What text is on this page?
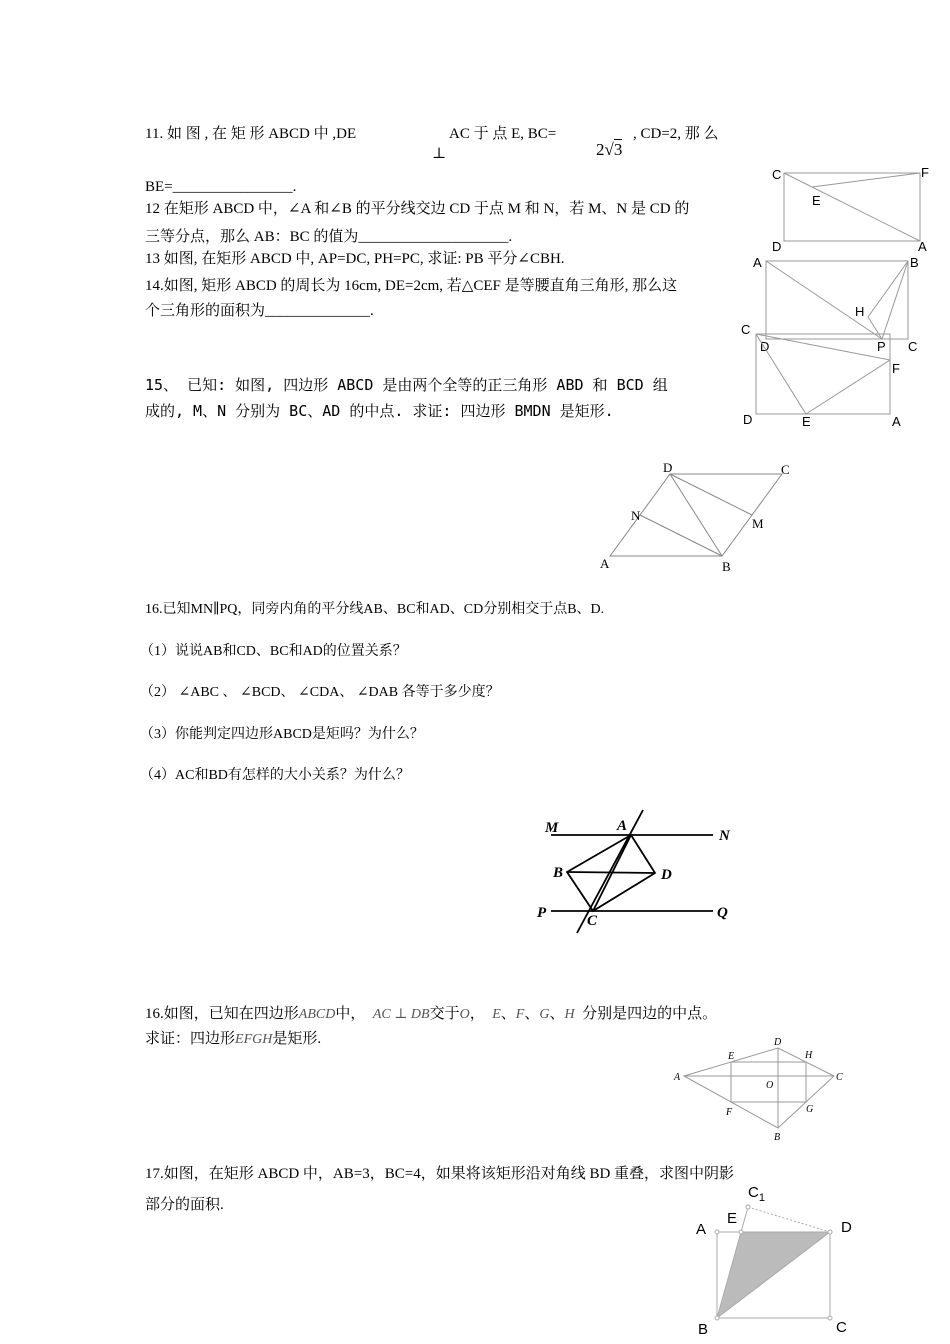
11. 如 图 , 在 矩 形 ABCD 中 ,DE
⊥
AC 于 点 E, BC=
2√3
, CD=2, 那 么
BE=________________.
C	F
E
D	A
12 在矩形 ABCD 中，∠A 和∠B 的平分线交边 CD 于点 M 和 N，若 M、N 是 CD 的
三等分点，那么 AB：BC 的值为____________________.
13 如图, 在矩形 ABCD 中, AP=DC, PH=PC, 求证: PB 平分∠CBH.	A	B
H
D	P C
14.如图, 矩形 ABCD 的周长为 16cm, DE=2cm, 若△CEF 是等腰直角三角形, 那么这
个三角形的面积为______________.
C
F
D	E	A
15、 已知: 如图, 四边形 ABCD 是由两个全等的正三角形 ABD 和 BCD 组
成的, M、N 分别为 BC、AD 的中点. 求证: 四边形 BMDN 是矩形.
D	C
N
M
A	B
16.已知MN∥PQ，同旁内角的平分线AB、BC和AD、CD分别相交于点B、D.
（1）说说AB和CD、BC和AD的位置关系？
（2） ∠ABC 、 ∠BCD、 ∠CDA、 ∠DAB 各等于多少度？
（3）你能判定四边形ABCD是矩吗？为什么？
（4）AC和BD有怎样的大小关系？为什么？
M	A
N
B	D
P	C	Q
16.如图，已知在四边形ABCD中，  AC ⊥ DB交于O，  E、F、G、H  分别是四边的中点。
求证：四边形EFGH是矩形.	D
E	H
A
O
C
F	G
B
17.如图，在矩形 ABCD 中，AB=3，BC=4，如果将该矩形沿对角线 BD 重叠，求图中阴影
部分的面积.
$C_1$
A
E
D
B	C
